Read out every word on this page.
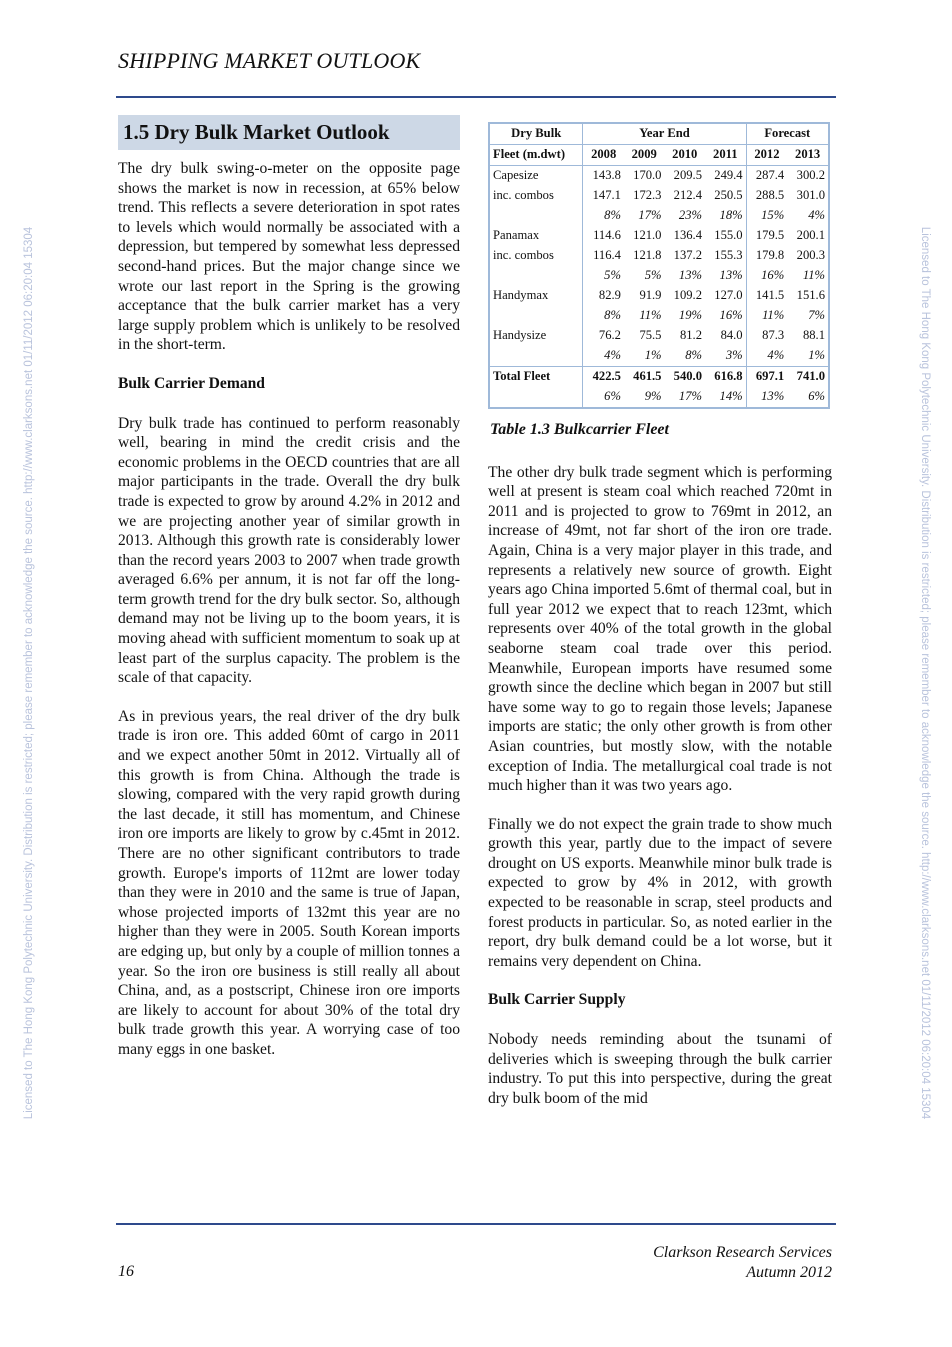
SHIPPING MARKET OUTLOOK
1.5 Dry Bulk Market Outlook

The dry bulk swing-o-meter on the opposite page shows the market is now in recession, at 65% below trend. This reflects a severe deterioration in spot rates to levels which would normally be associated with a depression, but tempered by somewhat less depressed second-hand prices. But the major change since we wrote our last report in the Spring is the growing acceptance that the bulk carrier market has a very large supply problem which is unlikely to be resolved in the short-term.

Bulk Carrier Demand

Dry bulk trade has continued to perform reasonably well, bearing in mind the credit crisis and the economic problems in the OECD countries that are all major participants in the trade. Overall the dry bulk trade is expected to grow by around 4.2% in 2012 and we are projecting another year of similar growth in 2013. Although this growth rate is considerably lower than the record years 2003 to 2007 when trade growth averaged 6.6% per annum, it is not far off the long-term growth trend for the dry bulk sector. So, although demand may not be living up to the boom years, it is moving ahead with sufficient momentum to soak up at least part of the surplus capacity. The problem is the scale of that capacity.

As in previous years, the real driver of the dry bulk trade is iron ore. This added 60mt of cargo in 2011 and we expect another 50mt in 2012. Virtually all of this growth is from China. Although the trade is slowing, compared with the very rapid growth during the last decade, it still has momentum, and Chinese iron ore imports are likely to grow by c.45mt in 2012. There are no other significant contributors to trade growth. Europe's imports of 112mt are lower today than they were in 2010 and the same is true of Japan, whose projected imports of 132mt this year are no higher than they were in 2005. South Korean imports are edging up, but only by a couple of million tonnes a year. So the iron ore business is still really all about China, and, as a postscript, Chinese iron ore imports are likely to account for about 30% of the total dry bulk trade growth this year. A worrying case of too many eggs in one basket.

Dry Bulk	Year End				Forecast	
Fleet (m.dwt)	2008	2009	2010	2011	2012	2013
Capesize	143.8	170.0	209.5	249.4	287.4	300.2
inc. combos	147.1	172.3	212.4	250.5	288.5	301.0
	8%	17%	23%	18%	15%	4%
Panamax	114.6	121.0	136.4	155.0	179.5	200.1
inc. combos	116.4	121.8	137.2	155.3	179.8	200.3
	5%	5%	13%	13%	16%	11%
Handymax	82.9	91.9	109.2	127.0	141.5	151.6
	8%	11%	19%	16%	11%	7%
Handysize	76.2	75.5	81.2	84.0	87.3	88.1
	4%	1%	8%	3%	4%	1%
Total Fleet	422.5	461.5	540.0	616.8	697.1	741.0
	6%	9%	17%	14%	13%	6%
Table 1.3 Bulkcarrier Fleet

The other dry bulk trade segment which is performing well at present is steam coal which reached 720mt in 2011 and is projected to grow to 769mt in 2012, an increase of 49mt, not far short of the iron ore trade. Again, China is a very major player in this trade, and represents a relatively new source of growth. Eight years ago China imported 5.6mt of thermal coal, but in full year 2012 we expect that to reach 123mt, which represents over 40% of the total growth in the global seaborne steam coal trade over this period. Meanwhile, European imports have resumed some growth since the decline which began in 2007 but still have some way to go to regain those levels; Japanese imports are static; the only other growth is from other Asian countries, but mostly slow, with the notable exception of India. The metallurgical coal trade is not much higher than it was two years ago.

Finally we do not expect the grain trade to show much growth this year, partly due to the impact of severe drought on US exports. Meanwhile minor bulk trade is expected to grow by 4% in 2012, with growth expected to be reasonable in scrap, steel products and forest products in particular. So, as noted earlier in the report, dry bulk demand could be a lot worse, but it remains very dependent on China.

Bulk Carrier Supply

Nobody needs reminding about the tsunami of deliveries which is sweeping through the bulk carrier industry. To put this into perspective, during the great dry bulk boom of the mid

Clarkson Research Services
Autumn 2012
16
Licensed to The Hong Kong Polytechnic University. Distribution is restricted; please remember to acknowledge the source. http://www.clarksons.net 01/11/2012 06:20:04 15304	Licensed to The Hong Kong Polytechnic University. Distribution is restricted; please remember to acknowledge the source. http://www.clarksons.net 01/11/2012 06:20:04 15304
